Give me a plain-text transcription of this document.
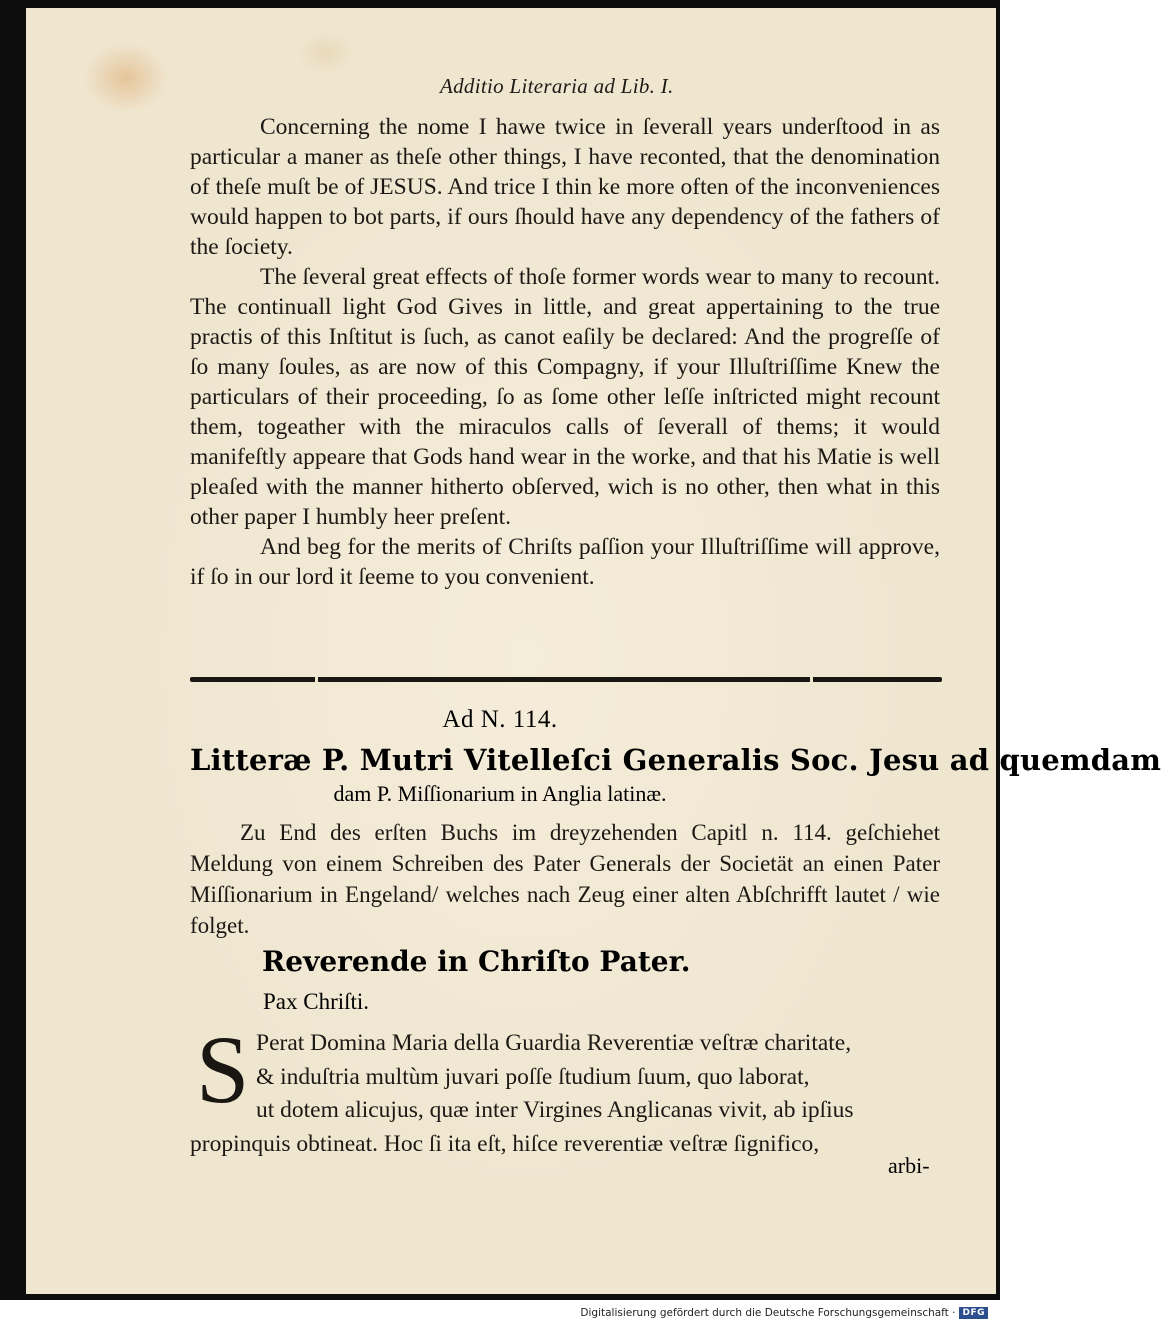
Additio Literaria ad Lib. I.

Concerning the nome I hawe twice in ſeverall years underſtood in as particular a maner as theſe other things, I have reconted, that the denomination of theſe muſt be of JESUS. And trice I thin ke more often of the inconveniences would happen to bot parts, if ours ſhould have any dependency of the fathers of the ſociety.

The ſeveral great effects of thoſe former words wear to many to recount. The continuall light God Gives in little, and great appertaining to the true practis of this Inſtitut is ſuch, as canot eaſily be declared: And the progreſſe of ſo many ſoules, as are now of this Compagny, if your Illuſtriſſime Knew the particulars of their proceeding, ſo as ſome other leſſe inſtricted might recount them, togeather with the miraculos calls of ſeverall of thems; it would manifeſtly appeare that Gods hand wear in the worke, and that his Matie is well pleaſed with the manner hitherto obſerved, wich is no other, then what in this other paper I humbly heer preſent.

And beg for the merits of Chriſts paſſion your Illuſtriſſime will approve, if ſo in our lord it ſeeme to you convenient.

Ad N. 114.
Litteræ P. Mutri Vitelleſci Generalis Soc. Jesu ad quemdam
dam P. Miſſionarium in Anglia latinæ.

Zu End des erſten Buchs im dreyzehenden Capitl n. 114. geſchiehet Meldung von einem Schreiben des Pater Generals der Societät an einen Pater Miſſionarium in Engeland/ welches nach Zeug einer alten Abſchrifft lautet / wie folget.

Reverende in Chriſto Pater.
Pax Chriſti.
S Perat Domina Maria della Guardia Reverentiæ veſtræ charitate,
& induſtria multùm juvari poſſe ſtudium ſuum, quo laborat,
ut dotem alicujus, quæ inter Virgines Anglicanas vivit, ab ipſius
propinquis obtineat. Hoc ſi ita eſt, hiſce reverentiæ veſtræ ſignifico,
arbi-
Digitalisierung gefördert durch die Deutsche Forschungsgemeinschaft · DFG
